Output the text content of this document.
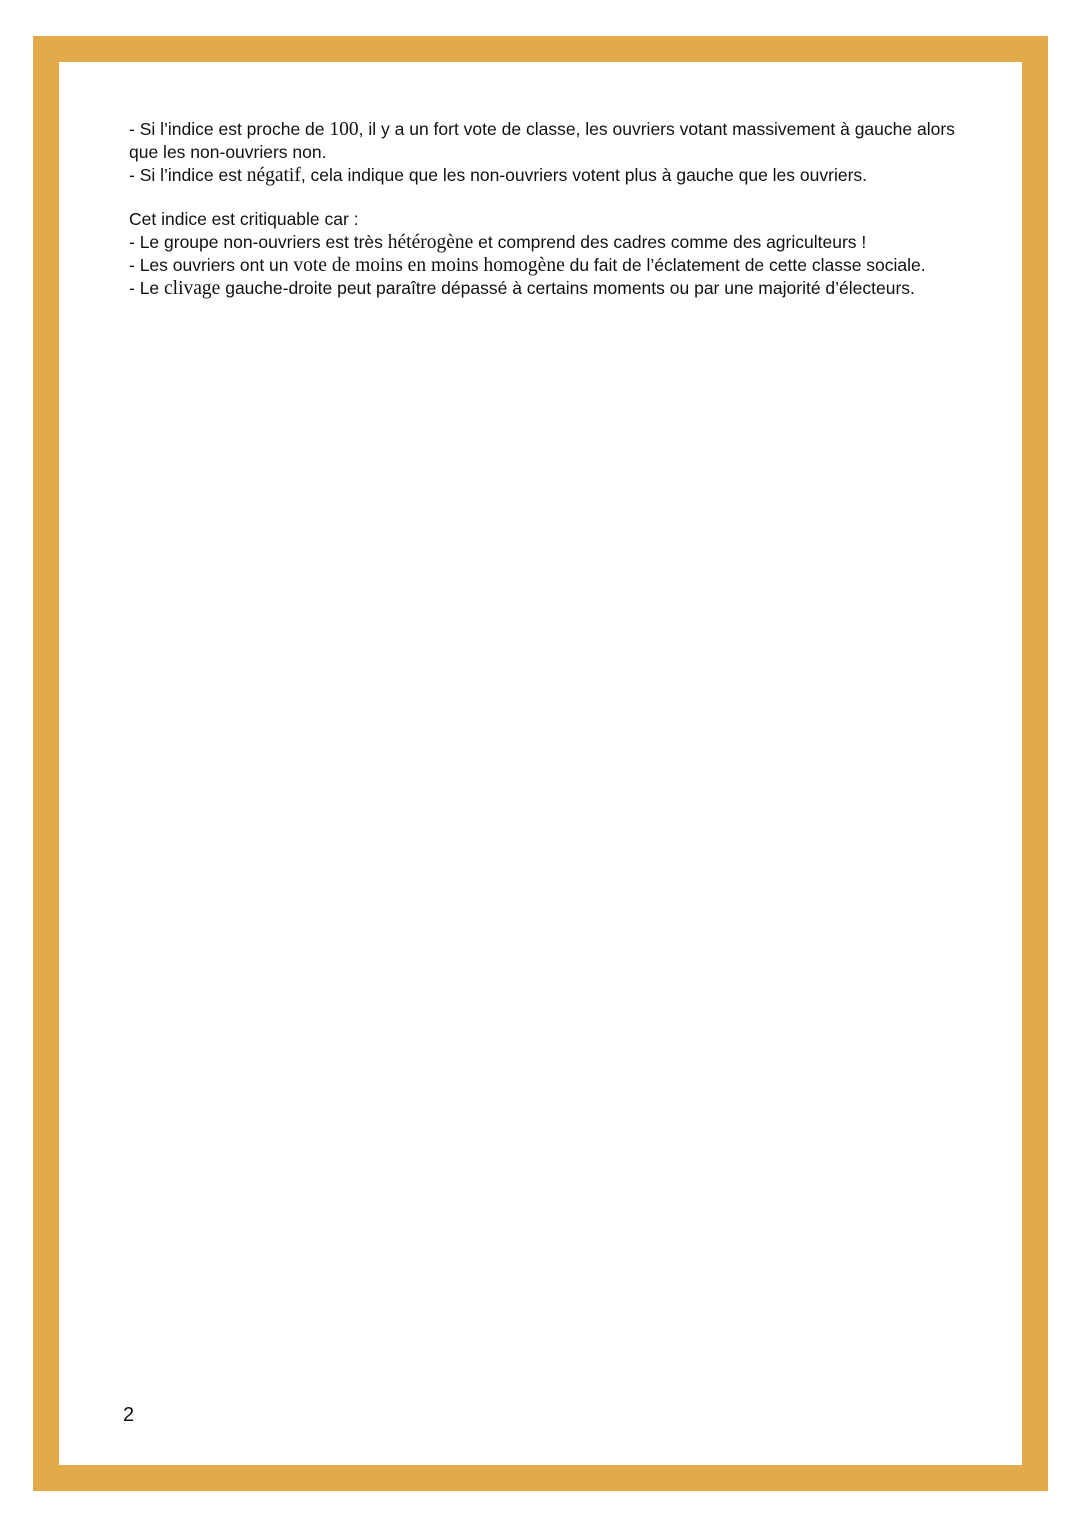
- Si l’indice est proche de 100, il y a un fort vote de classe, les ouvriers votant massivement à gauche alors que les non-ouvriers non.

- Si l’indice est négatif, cela indique que les non-ouvriers votent plus à gauche que les ouvriers.

Cet indice est critiquable car :

- Le groupe non-ouvriers est très hétérogène et comprend des cadres comme des agriculteurs !

- Les ouvriers ont un vote de moins en moins homogène du fait de l’éclatement de cette classe sociale.

- Le clivage gauche-droite peut paraître dépassé à certains moments ou par une majorité d’électeurs.

2
